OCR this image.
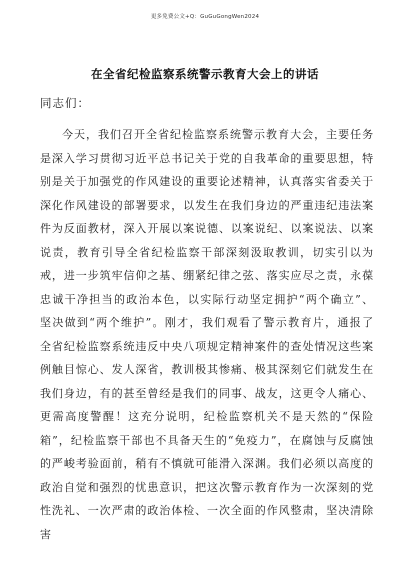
更多免费公文+Q：GuGuGongWen2024
在全省纪检监察系统警示教育大会上的讲话
同志们：

今天，我们召开全省纪检监察系统警示教育大会，主要任务是深入学习贯彻习近平总书记关于党的自我革命的重要思想，特别是关于加强党的作风建设的重要论述精神，认真落实省委关于深化作风建设的部署要求，以发生在我们身边的严重违纪违法案件为反面教材，深入开展以案说德、以案说纪、以案说法、以案说责，教育引导全省纪检监察干部深刻汲取教训，切实引以为戒，进一步筑牢信仰之基、绷紧纪律之弦、落实应尽之责，永葆忠诚干净担当的政治本色，以实际行动坚定拥护“两个确立”、坚决做到“两个维护”。刚才，我们观看了警示教育片，通报了全省纪检监察系统违反中央八项规定精神案件的查处情况这些案例触目惊心、发人深省，教训极其惨痛、极其深刻它们就发生在我们身边，有的甚至曾经是我们的同事、战友，这更令人痛心、更需高度警醒！这充分说明，纪检监察机关不是天然的“保险箱”，纪检监察干部也不具备天生的“免疫力”，在腐蚀与反腐蚀的严峻考验面前，稍有不慎就可能滑入深渊。我们必须以高度的政治自觉和强烈的忧患意识，把这次警示教育作为一次深刻的党性洗礼、一次严肃的政治体检、一次全面的作风整肃，坚决清除害
